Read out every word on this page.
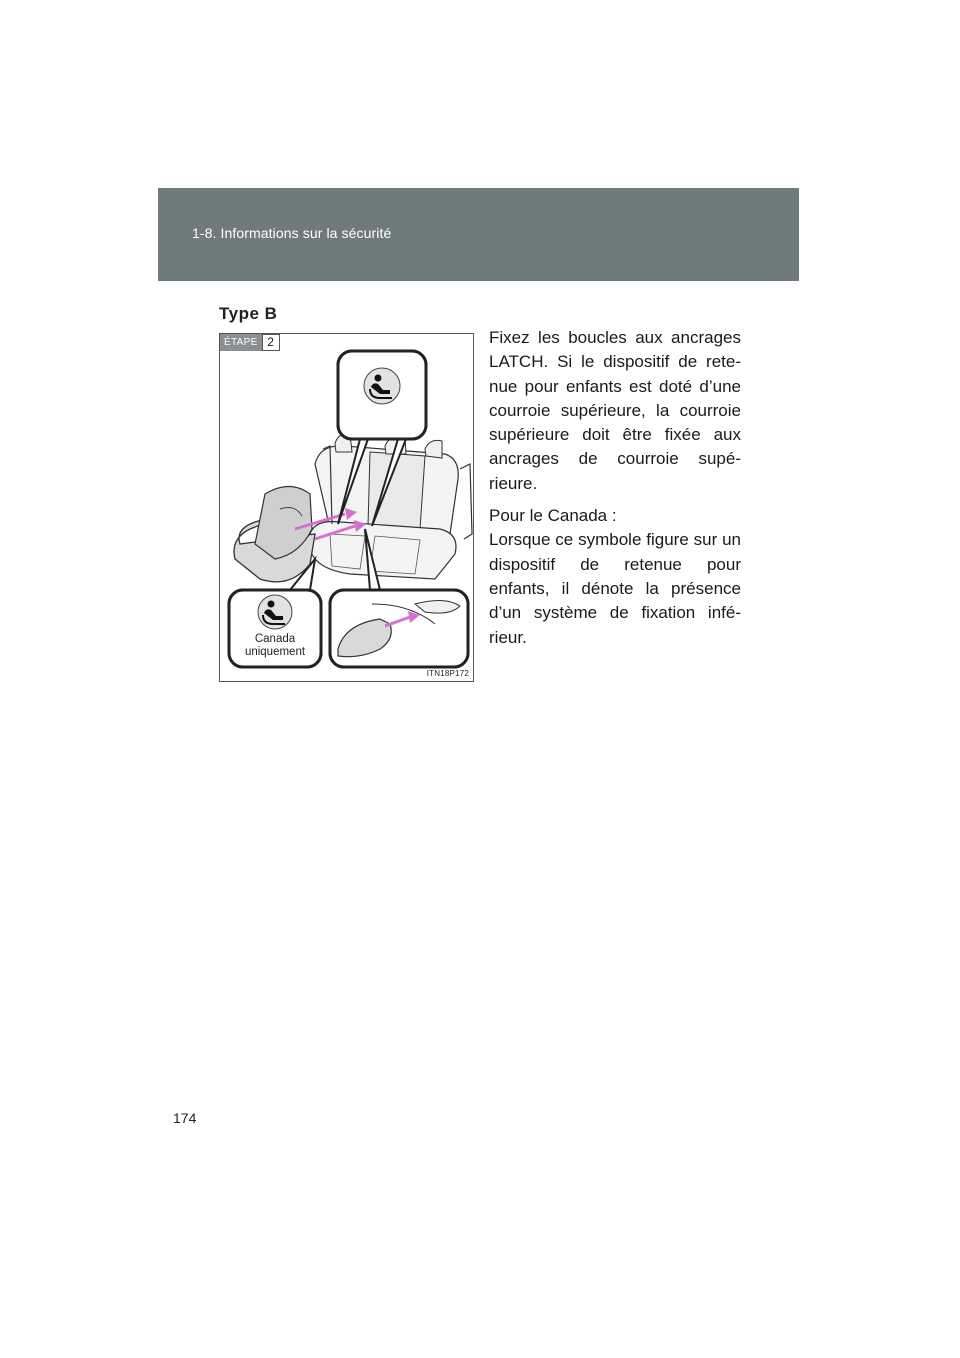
1-8. Informations sur la sécurité
Type B
ÉTAPE 2
Canada
uniquement
ITN18P172

Fixez les boucles aux ancrages LATCH. Si le dispositif de rete-nue pour enfants est doté d’une courroie supérieure, la courroie supérieure doit être fixée aux ancrages de courroie supé-rieure.

Pour le Canada :

Lorsque ce symbole figure sur un dispositif de retenue pour enfants, il dénote la présence d’un système de fixation infé-rieur.

174
